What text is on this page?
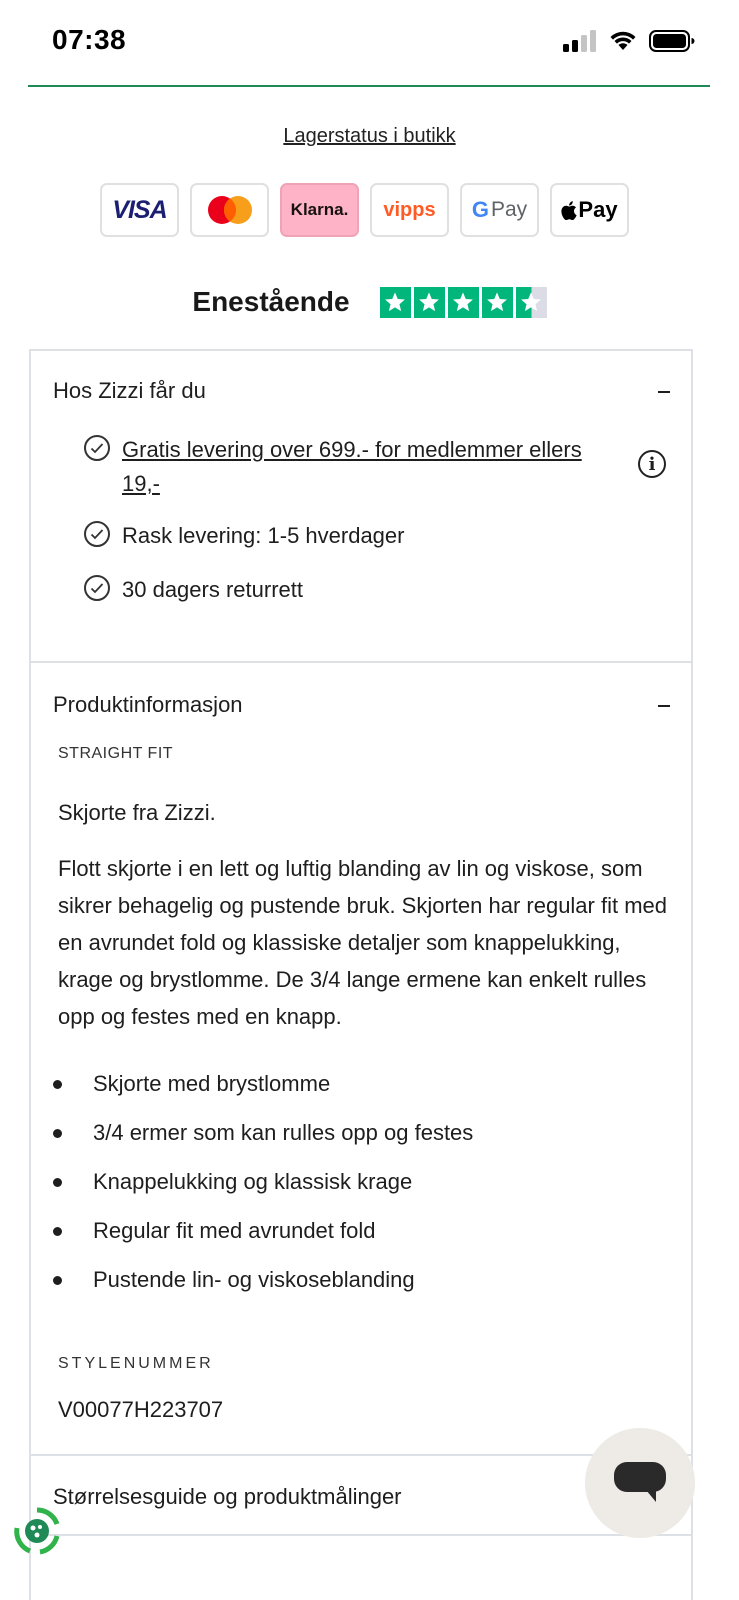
07:38
Lagerstatus i butikk
VISA	Klarna. vipps G Pay Pay
Enestående
Hos Zizzi får du
Gratis levering over 699.- for medlemmer ellers 19,-
i
Rask levering: 1-5 hverdager
30 dagers returrett
Produktinformasjon
STRAIGHT FIT
Skjorte fra Zizzi.
Flott skjorte i en lett og luftig blanding av lin og viskose, som sikrer behagelig og pustende bruk. Skjorten har regular fit med en avrundet fold og klassiske detaljer som knappelukking, krage og brystlomme. De 3/4 lange ermene kan enkelt rulles opp og festes med en knapp.
Skjorte med brystlomme
3/4 ermer som kan rulles opp og festes
Knappelukking og klassisk krage
Regular fit med avrundet fold
Pustende lin- og viskoseblanding
STYLENUMMER
V00077H223707
Størrelsesguide og produktmålinger
